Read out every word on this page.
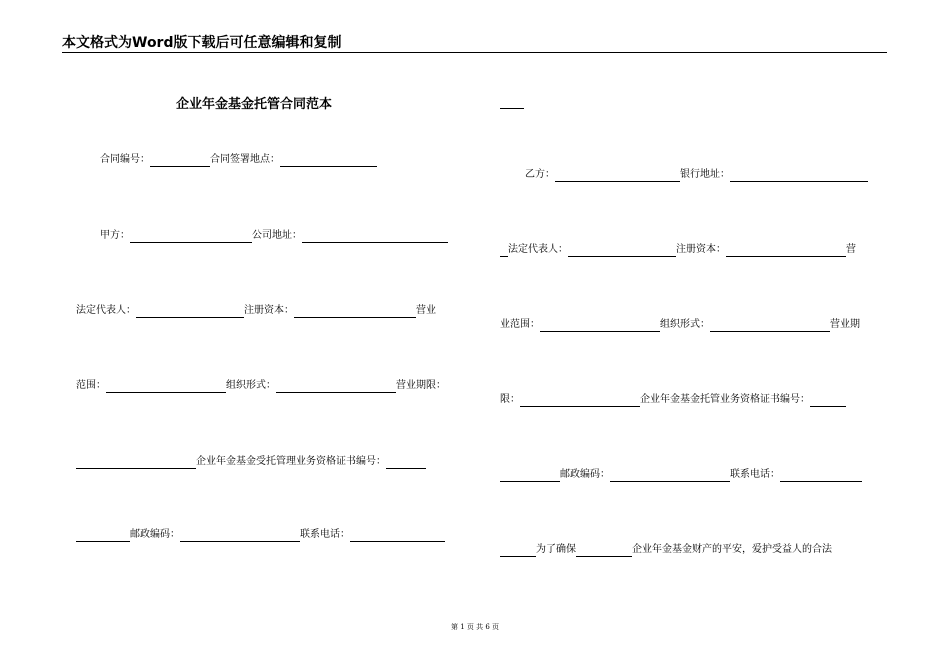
本文格式为Word版下载后可任意编辑和复制
企业年金基金托管合同范本
合同编号：	合同签署地点：
甲方：	公司地址：
法定代表人：	注册资本：	营业
范围：	组织形式：	营业期限：
企业年金基金受托管理业务资格证书编号：
邮政编码：	联系电话：
乙方：	银行地址：
法定代表人：	注册资本：	营
业范围：	组织形式：	营业期
限：	企业年金基金托管业务资格证书编号：
邮政编码：	联系电话：
为了确保	企业年金基金财产的平安，爱护受益人的合法
第 1 页 共 6 页
